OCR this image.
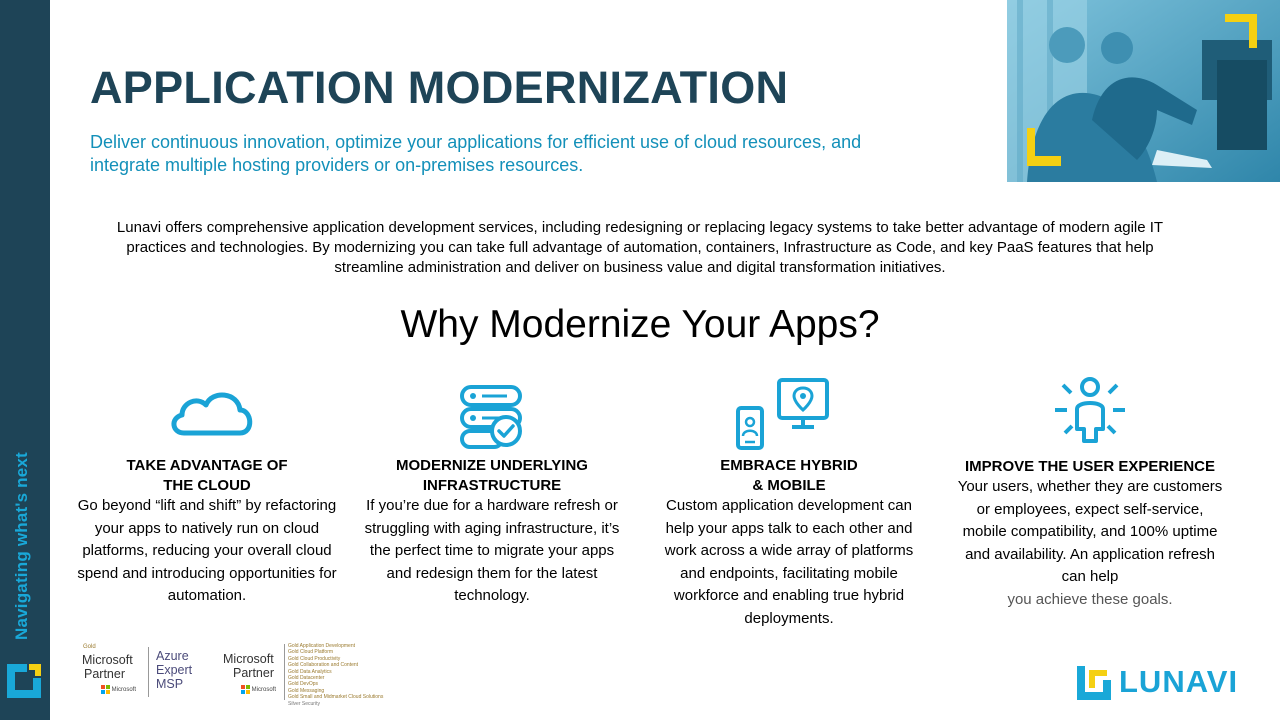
Navigating what's next
APPLICATION MODERNIZATION
Deliver continuous innovation, optimize your applications for efficient use of cloud resources, and integrate multiple hosting providers or on-premises resources.
Lunavi offers comprehensive application development services, including redesigning or replacing legacy systems to take better advantage of modern agile IT practices and technologies. By modernizing you can take full advantage of automation, containers, Infrastructure as Code, and key PaaS features that help streamline administration and deliver on business value and digital transformation initiatives.
Why Modernize Your Apps?
TAKE ADVANTAGE OF
THE CLOUD

Go beyond “lift and shift” by refactoring your apps to natively run on cloud platforms, reducing your overall cloud spend and introducing opportunities for automation.

MODERNIZE UNDERLYING
INFRASTRUCTURE

If you’re due for a hardware refresh or struggling with aging infrastructure, it’s the perfect time to migrate your apps and redesign them for the latest technology.

EMBRACE HYBRID
& MOBILE

Custom application development can help your apps talk to each other and work across a wide array of platforms and endpoints, facilitating mobile workforce and enabling true hybrid deployments.

IMPROVE THE USER EXPERIENCE

Your users, whether they are customers or employees, expect self-service, mobile compatibility, and 100% uptime and availability. An application refresh can help
you achieve these goals.

Gold
Microsoft
Partner
Microsoft
Azure
Expert
MSP
Microsoft
Partner
Microsoft
Gold Application Development
Gold Cloud Platform
Gold Cloud Productivity
Gold Collaboration and Content
Gold Data Analytics
Gold Datacenter
Gold DevOps
Gold Messaging
Gold Small and Midmarket Cloud Solutions
Silver Security
LUNAVI
